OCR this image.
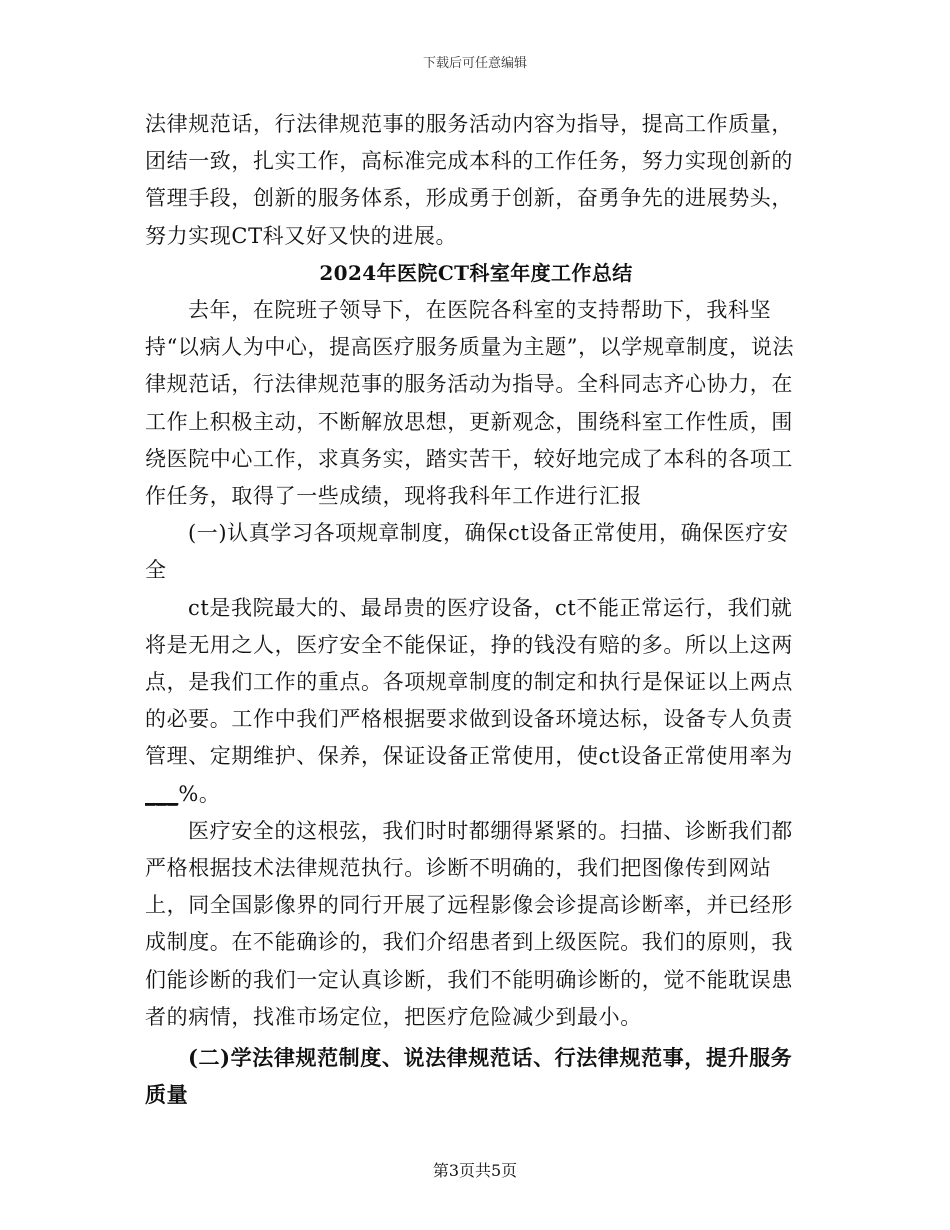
下载后可任意编辑

法律规范话，行法律规范事的服务活动内容为指导，提高工作质量，团结一致，扎实工作，高标准完成本科的工作任务，努力实现创新的管理手段，创新的服务体系，形成勇于创新，奋勇争先的进展势头，努力实现CT科又好又快的进展。

2024年医院CT科室年度工作总结

去年，在院班子领导下，在医院各科室的支持帮助下，我科坚持“以病人为中心，提高医疗服务质量为主题”，以学规章制度，说法律规范话，行法律规范事的服务活动为指导。全科同志齐心协力，在工作上积极主动，不断解放思想，更新观念，围绕科室工作性质，围绕医院中心工作，求真务实，踏实苦干，较好地完成了本科的各项工作任务，取得了一些成绩，现将我科年工作进行汇报

(一)认真学习各项规章制度，确保ct设备正常使用，确保医疗安全

ct是我院最大的、最昂贵的医疗设备，ct不能正常运行，我们就将是无用之人，医疗安全不能保证，挣的钱没有赔的多。所以上这两点，是我们工作的重点。各项规章制度的制定和执行是保证以上两点的必要。工作中我们严格根据要求做到设备环境达标，设备专人负责管理、定期维护、保养，保证设备正常使用，使ct设备正常使用率为___%。

医疗安全的这根弦，我们时时都绷得紧紧的。扫描、诊断我们都严格根据技术法律规范执行。诊断不明确的，我们把图像传到网站上，同全国影像界的同行开展了远程影像会诊提高诊断率，并已经形成制度。在不能确诊的，我们介绍患者到上级医院。我们的原则，我们能诊断的我们一定认真诊断，我们不能明确诊断的，觉不能耽误患者的病情，找准市场定位，把医疗危险减少到最小。

(二)学法律规范制度、说法律规范话、行法律规范事，提升服务质量
第3页共5页
